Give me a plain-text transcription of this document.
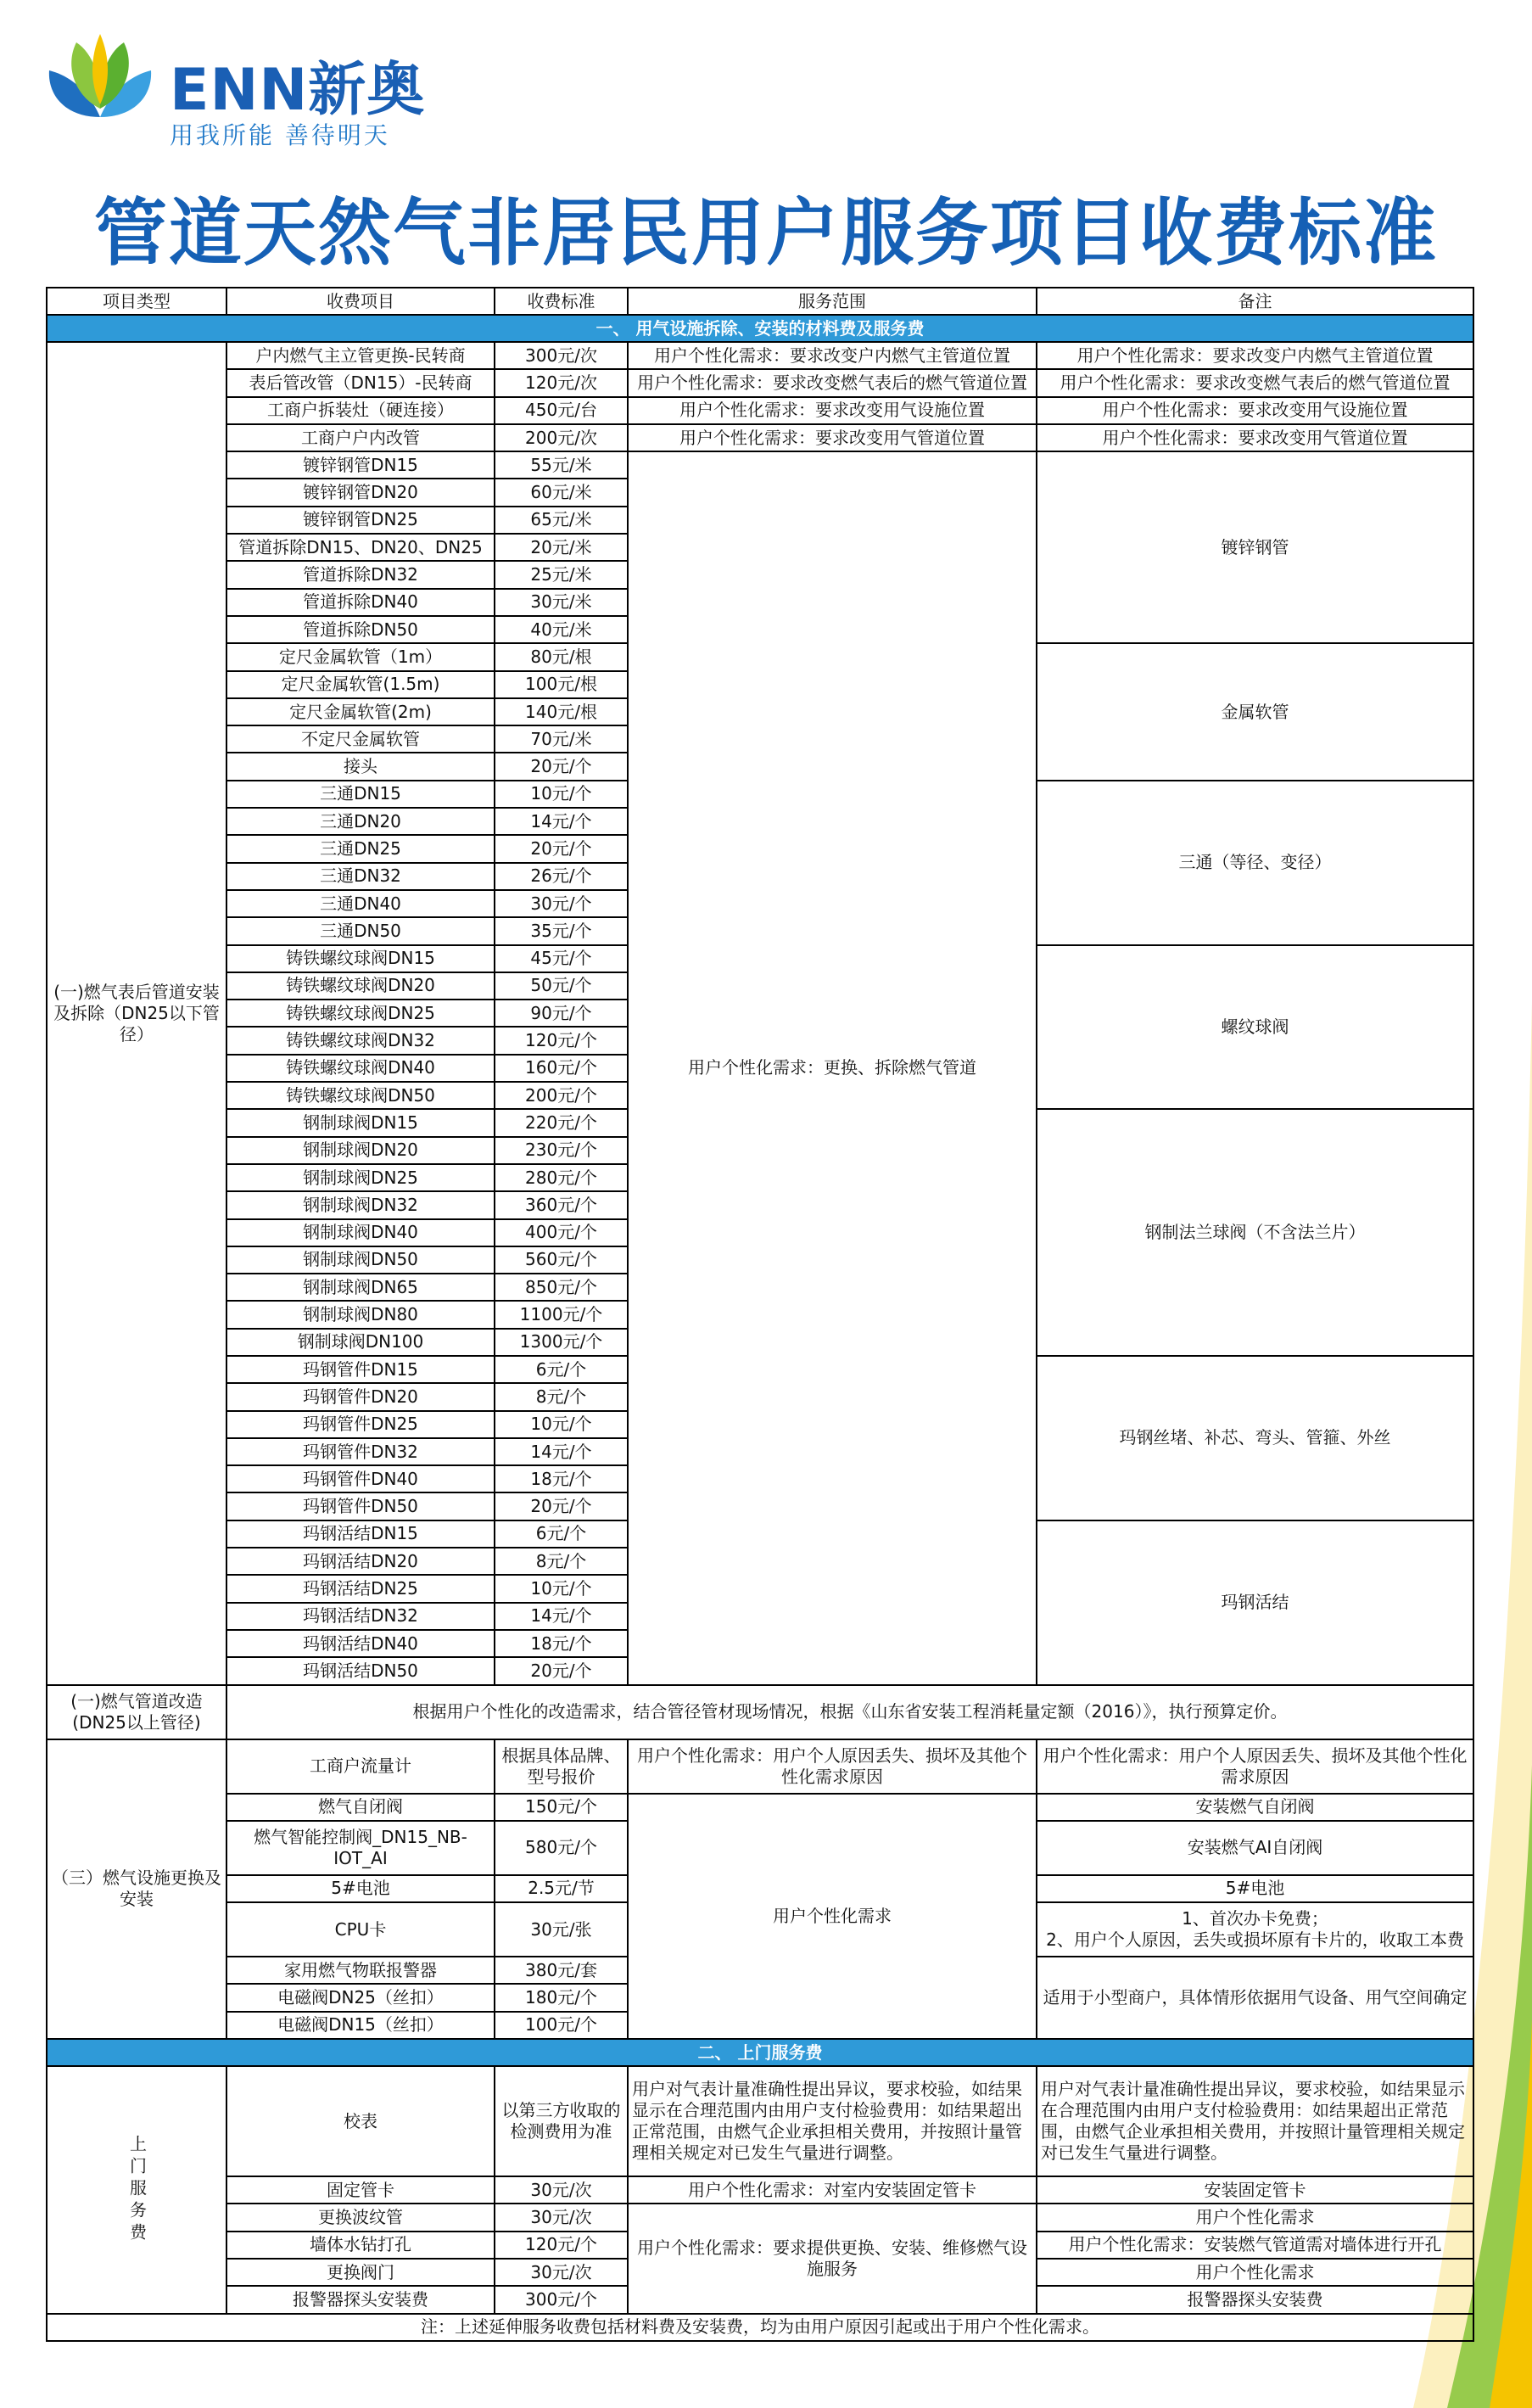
ENN新奥
用我所能 善待明天
管道天然气非居民用户服务项目收费标准
项目类型	收费项目	收费标准	服务范围	备注
一、 用气设施拆除、安装的材料费及服务费				
(一)燃气表后管道安装及拆除（DN25以下管径）	户内燃气主立管更换-民转商	300元/次	用户个性化需求：要求改变户内燃气主管道位置	用户个性化需求：要求改变户内燃气主管道位置
	表后管改管（DN15）-民转商	120元/次	用户个性化需求：要求改变燃气表后的燃气管道位置	用户个性化需求：要求改变燃气表后的燃气管道位置
	工商户拆装灶（硬连接）	450元/台	用户个性化需求：要求改变用气设施位置	用户个性化需求：要求改变用气设施位置
	工商户户内改管	200元/次	用户个性化需求：要求改变用气管道位置	用户个性化需求：要求改变用气管道位置
	镀锌钢管DN15	55元/米	用户个性化需求：更换、拆除燃气管道	镀锌钢管
	镀锌钢管DN20	60元/米		
	镀锌钢管DN25	65元/米		
	管道拆除DN15、DN20、DN25	20元/米		
	管道拆除DN32	25元/米		
	管道拆除DN40	30元/米		
	管道拆除DN50	40元/米		
	定尺金属软管（1m）	80元/根		金属软管
	定尺金属软管(1.5m)	100元/根		
	定尺金属软管(2m)	140元/根		
	不定尺金属软管	70元/米		
	接头	20元/个		
	三通DN15	10元/个		三通（等径、变径）
	三通DN20	14元/个		
	三通DN25	20元/个		
	三通DN32	26元/个		
	三通DN40	30元/个		
	三通DN50	35元/个		
	铸铁螺纹球阀DN15	45元/个		螺纹球阀
	铸铁螺纹球阀DN20	50元/个		
	铸铁螺纹球阀DN25	90元/个		
	铸铁螺纹球阀DN32	120元/个		
	铸铁螺纹球阀DN40	160元/个		
	铸铁螺纹球阀DN50	200元/个		
	钢制球阀DN15	220元/个		钢制法兰球阀（不含法兰片）
	钢制球阀DN20	230元/个		
	钢制球阀DN25	280元/个		
	钢制球阀DN32	360元/个		
	钢制球阀DN40	400元/个		
	钢制球阀DN50	560元/个		
	钢制球阀DN65	850元/个		
	钢制球阀DN80	1100元/个		
	钢制球阀DN100	1300元/个		
	玛钢管件DN15	6元/个		玛钢丝堵、补芯、弯头、管箍、外丝
	玛钢管件DN20	8元/个		
	玛钢管件DN25	10元/个		
	玛钢管件DN32	14元/个		
	玛钢管件DN40	18元/个		
	玛钢管件DN50	20元/个		
	玛钢活结DN15	6元/个		玛钢活结
	玛钢活结DN20	8元/个		
	玛钢活结DN25	10元/个		
	玛钢活结DN32	14元/个		
	玛钢活结DN40	18元/个		
	玛钢活结DN50	20元/个		
(一)燃气管道改造(DN25以上管径)	根据用户个性化的改造需求，结合管径管材现场情况，根据《山东省安装工程消耗量定额（2016）》，执行预算定价。			
（三）燃气设施更换及安装	工商户流量计	根据具体品牌、型号报价	用户个性化需求：用户个人原因丢失、损坏及其他个性化需求原因	用户个性化需求：用户个人原因丢失、损坏及其他个性化需求原因
	燃气自闭阀	150元/个	用户个性化需求	安装燃气自闭阀
	燃气智能控制阀_DN15_NB-IOT_AI	580元/个		安装燃气AI自闭阀
	5#电池	2.5元/节		5#电池
	CPU卡	30元/张		1、首次办卡免费；
2、用户个人原因，丢失或损坏原有卡片的，收取工本费
	家用燃气物联报警器	380元/套		适用于小型商户，具体情形依据用气设备、用气空间确定
	电磁阀DN25（丝扣）	180元/个		
	电磁阀DN15（丝扣）	100元/个		
二、 上门服务费				
上门服务费	校表	以第三方收取的检测费用为准	用户对气表计量准确性提出异议，要求校验，如结果显示在合理范围内由用户支付检验费用：如结果超出正常范围，由燃气企业承担相关费用，并按照计量管理相关规定对已发生气量进行调整。	用户对气表计量准确性提出异议，要求校验，如结果显示在合理范围内由用户支付检验费用：如结果超出正常范围，由燃气企业承担相关费用，并按照计量管理相关规定对已发生气量进行调整。
	固定管卡	30元/次	用户个性化需求：对室内安装固定管卡	安装固定管卡
	更换波纹管	30元/次	用户个性化需求：要求提供更换、安装、维修燃气设施服务	用户个性化需求
	墙体水钻打孔	120元/个		用户个性化需求：安装燃气管道需对墙体进行开孔
	更换阀门	30元/次		用户个性化需求
	报警器探头安装费	300元/个		报警器探头安装费
注：上述延伸服务收费包括材料费及安装费，均为由用户原因引起或出于用户个性化需求。				
